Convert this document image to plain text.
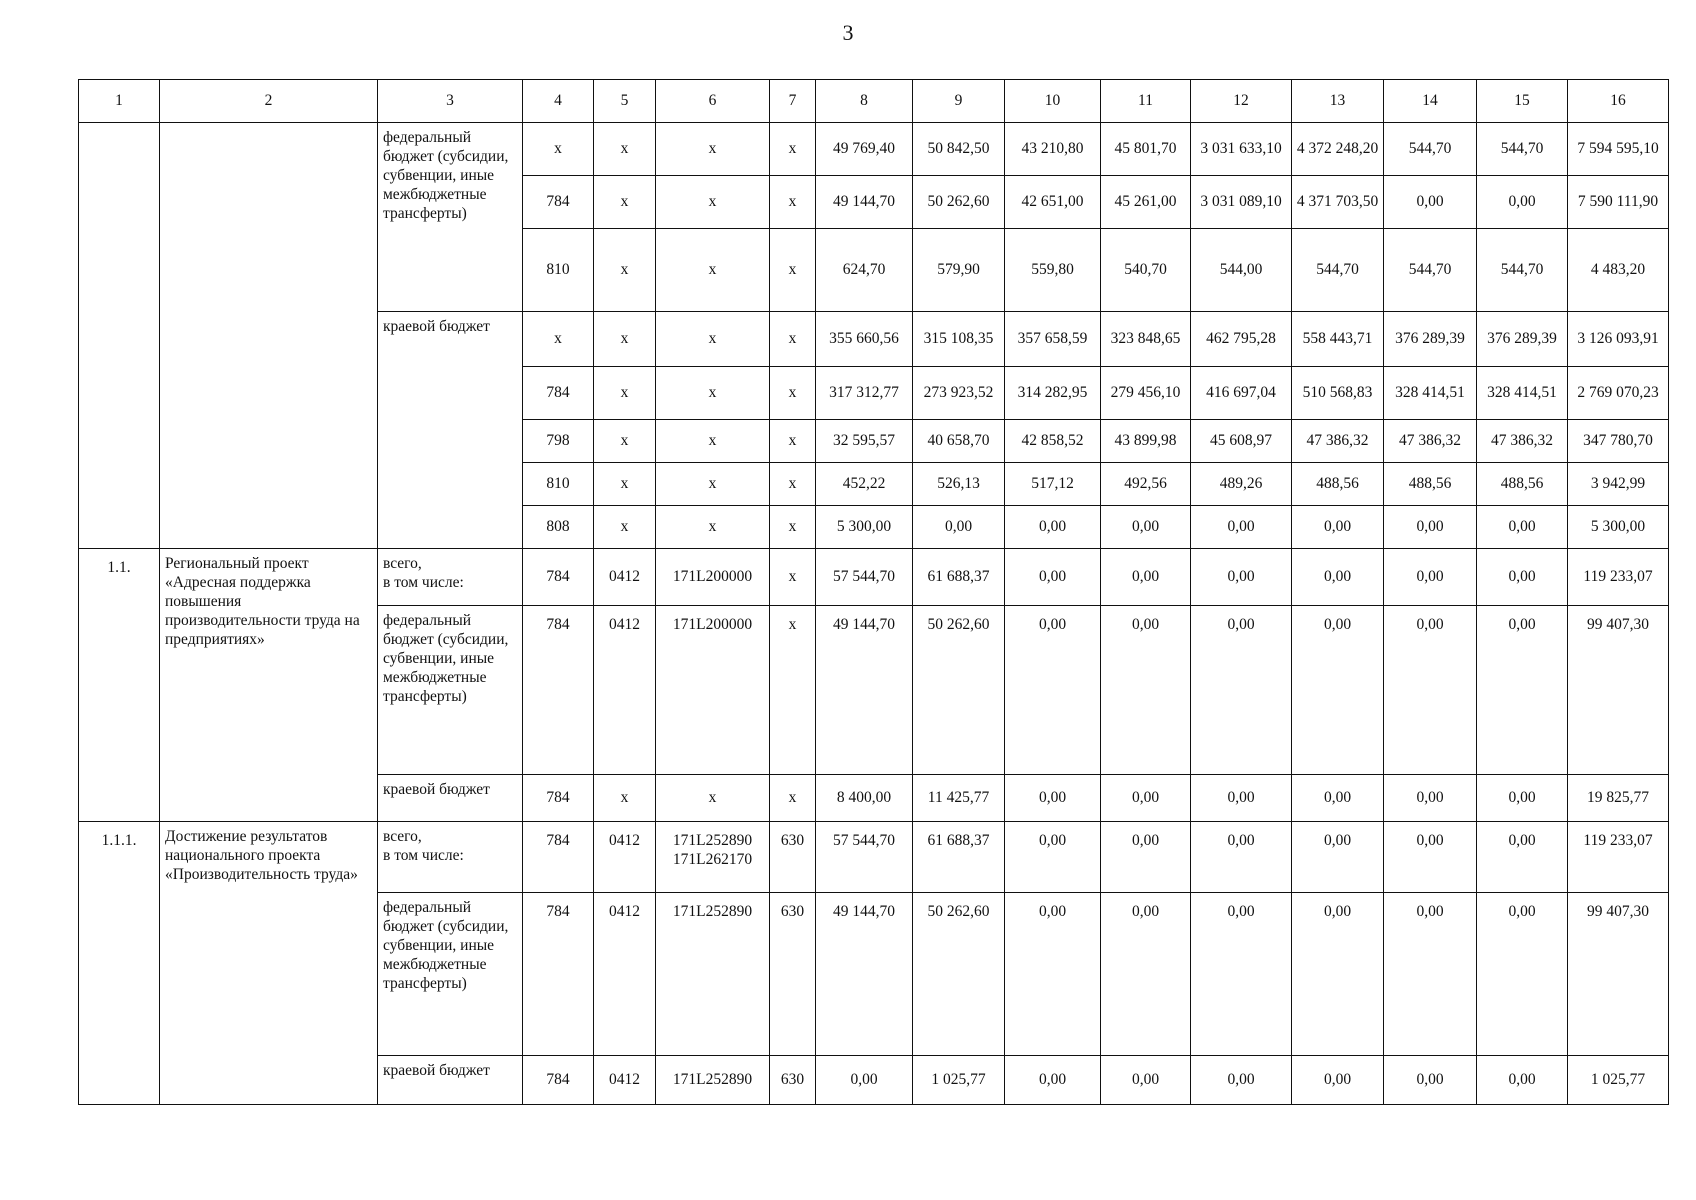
3
1	2	3	4	5	6	7	8	9	10	11	12	13	14	15	16
		федеральный бюджет (субсидии, субвенции, иные межбюджетные трансферты)	x	x	x	x	49 769,40	50 842,50	43 210,80	45 801,70	3 031 633,10	4 372 248,20	544,70	544,70	7 594 595,10
			784	x	x	x	49 144,70	50 262,60	42 651,00	45 261,00	3 031 089,10	4 371 703,50	0,00	0,00	7 590 111,90
			810	x	x	x	624,70	579,90	559,80	540,70	544,00	544,70	544,70	544,70	4 483,20
		краевой бюджет	x	x	x	x	355 660,56	315 108,35	357 658,59	323 848,65	462 795,28	558 443,71	376 289,39	376 289,39	3 126 093,91
			784	x	x	x	317 312,77	273 923,52	314 282,95	279 456,10	416 697,04	510 568,83	328 414,51	328 414,51	2 769 070,23
			798	x	x	x	32 595,57	40 658,70	42 858,52	43 899,98	45 608,97	47 386,32	47 386,32	47 386,32	347 780,70
			810	x	x	x	452,22	526,13	517,12	492,56	489,26	488,56	488,56	488,56	3 942,99
			808	x	x	x	5 300,00	0,00	0,00	0,00	0,00	0,00	0,00	0,00	5 300,00
1.1.	Региональный проект «Адресная поддержка повышения производительности труда на предприятиях»	всего,
в том числе:	784	0412	171L200000	x	57 544,70	61 688,37	0,00	0,00	0,00	0,00	0,00	0,00	119 233,07
		федеральный бюджет (субсидии, субвенции, иные межбюджетные трансферты)	784	0412	171L200000	x	49 144,70	50 262,60	0,00	0,00	0,00	0,00	0,00	0,00	99 407,30
		краевой бюджет	784	x	x	x	8 400,00	11 425,77	0,00	0,00	0,00	0,00	0,00	0,00	19 825,77
1.1.1.	Достижение результатов национального проекта «Производительность труда»	всего,
в том числе:	784	0412	171L252890 171L262170	630	57 544,70	61 688,37	0,00	0,00	0,00	0,00	0,00	0,00	119 233,07
		федеральный бюджет (субсидии, субвенции, иные межбюджетные трансферты)	784	0412	171L252890	630	49 144,70	50 262,60	0,00	0,00	0,00	0,00	0,00	0,00	99 407,30
		краевой бюджет	784	0412	171L252890	630	0,00	1 025,77	0,00	0,00	0,00	0,00	0,00	0,00	1 025,77
